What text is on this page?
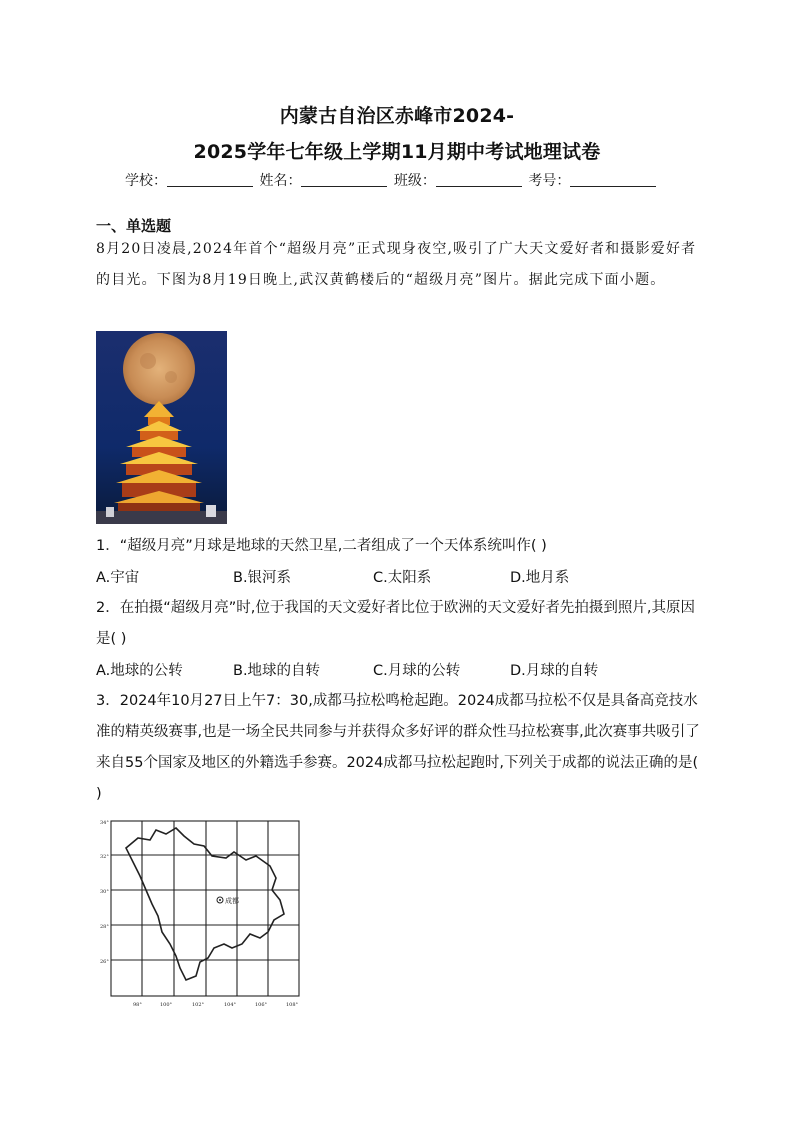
内蒙古自治区赤峰市2024-
2025学年七年级上学期11月期中考试地理试卷
学校：	姓名：	班级：	考号：
一、单选题
8月20日凌晨,2024年首个“超级月亮”正式现身夜空,吸引了广大天文爱好者和摄影爱好者的目光。下图为8月19日晚上,武汉黄鹤楼后的“超级月亮”图片。据此完成下面小题。
1．“超级月亮”月球是地球的天然卫星,二者组成了一个天体系统叫作( )
A.宇宙	B.银河系	C.太阳系	D.地月系
2．在拍摄“超级月亮”时,位于我国的天文爱好者比位于欧洲的天文爱好者先拍摄到照片,其原因是( )
A.地球的公转	B.地球的自转	C.月球的公转	D.月球的自转
3．2024年10月27日上午7：30,成都马拉松鸣枪起跑。2024成都马拉松不仅是具备高竞技水准的精英级赛事,也是一场全民共同参与并获得众多好评的群众性马拉松赛事,此次赛事共吸引了来自55个国家及地区的外籍选手参赛。2024成都马拉松起跑时,下列关于成都的说法正确的是( )
成都
34°
32°
30°
28°
26°
98°	100°	102°	104°	106°	108°
